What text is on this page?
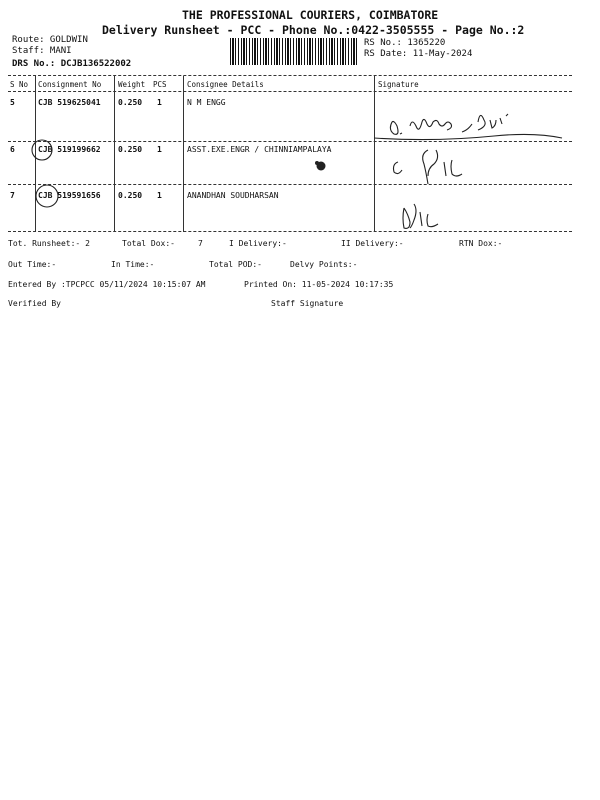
THE PROFESSIONAL COURIERS, COIMBATORE
Delivery Runsheet - PCC - Phone No.:0422-3505555 - Page No.:2
Route: GOLDWIN
Staff: MANI
DRS No.: DCJB136522002
RS No.: 1365220
RS Date: 11-May-2024
S No Consignment No Weight PCS	Consignee Details	Signature
5	CJB 519625041 0.250 1	N M ENGG
6	CJB 519199662 0.250 1	ASST.EXE.ENGR / CHINNIAMPALAYA
7	CJB 519591656 0.250 1	ANANDHAN SOUDHARSAN
Tot. Runsheet:- 2	Total Dox:-	7	I Delivery:-	II Delivery:-	RTN Dox:-
Out Time:-	In Time:-	Total POD:-	Delvy Points:-
Entered By :TPCPCC 05/11/2024 10:15:07 AM	Printed On: 11-05-2024 10:17:35
Verified By	Staff Signature
